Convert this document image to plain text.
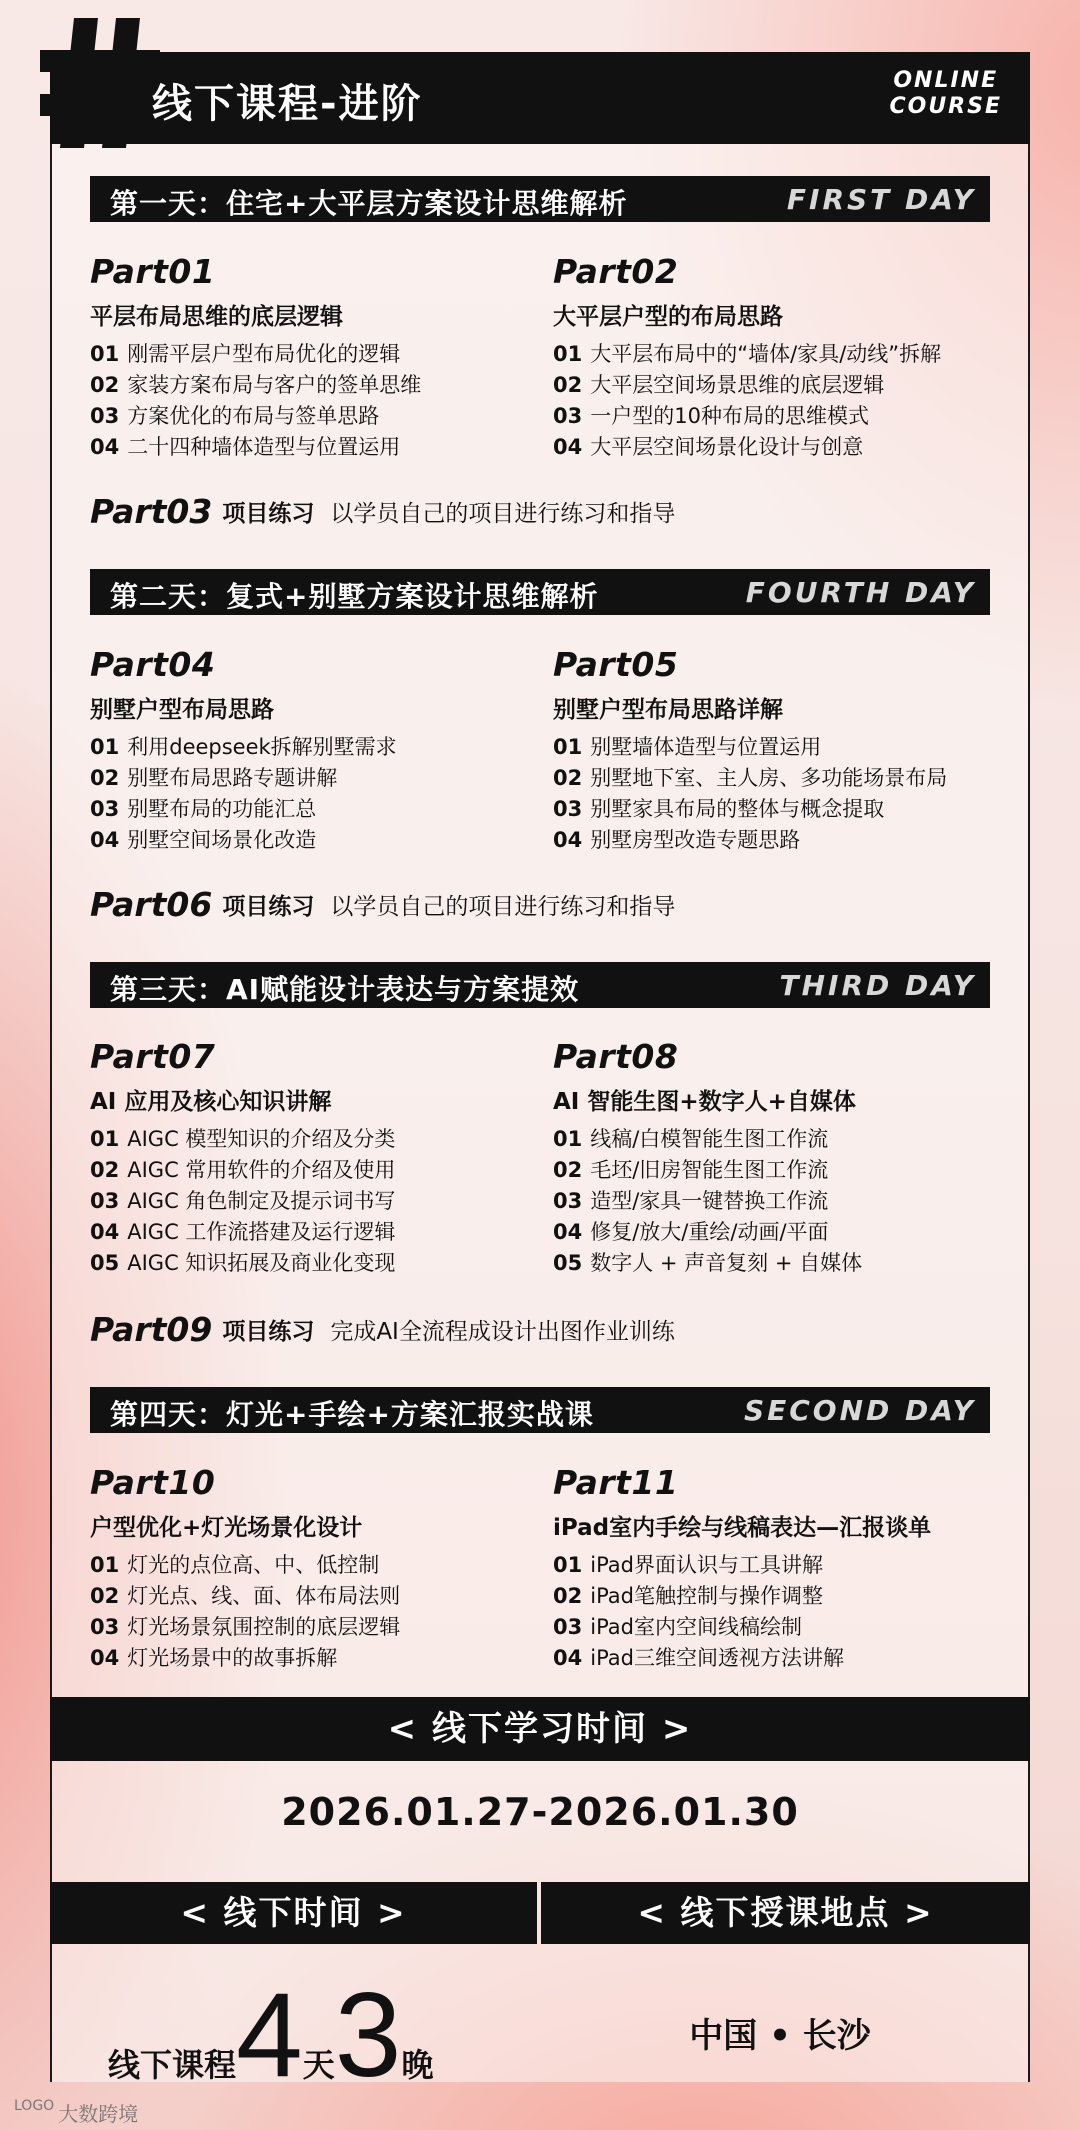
线下课程-进阶
ONLINE
COURSE
第一天：住宅+大平层方案设计思维解析	FIRST DAY
Part01
平层布局思维的底层逻辑
01 刚需平层户型布局优化的逻辑
02 家装方案布局与客户的签单思维
03 方案优化的布局与签单思路
04 二十四种墙体造型与位置运用
Part02
大平层户型的布局思路
01 大平层布局中的“墙体/家具/动线”拆解
02 大平层空间场景思维的底层逻辑
03 一户型的10种布局的思维模式
04 大平层空间场景化设计与创意
Part03 项目练习 以学员自己的项目进行练习和指导
第二天：复式+别墅方案设计思维解析	FOURTH DAY
Part04
别墅户型布局思路
01 利用deepseek拆解别墅需求
02 别墅布局思路专题讲解
03 别墅布局的功能汇总
04 别墅空间场景化改造
Part05
别墅户型布局思路详解
01 别墅墙体造型与位置运用
02 别墅地下室、主人房、多功能场景布局
03 别墅家具布局的整体与概念提取
04 别墅房型改造专题思路
Part06 项目练习 以学员自己的项目进行练习和指导
第三天：AI赋能设计表达与方案提效	THIRD DAY
Part07
AI 应用及核心知识讲解
01 AIGC 模型知识的介绍及分类
02 AIGC 常用软件的介绍及使用
03 AIGC 角色制定及提示词书写
04 AIGC 工作流搭建及运行逻辑
05 AIGC 知识拓展及商业化变现
Part08
AI 智能生图+数字人+自媒体
01 线稿/白模智能生图工作流
02 毛坯/旧房智能生图工作流
03 造型/家具一键替换工作流
04 修复/放大/重绘/动画/平面
05 数字人 + 声音复刻 + 自媒体
Part09 项目练习 完成AI全流程成设计出图作业训练
第四天：灯光+手绘+方案汇报实战课	SECOND DAY
Part10
户型优化+灯光场景化设计
01 灯光的点位高、中、低控制
02 灯光点、线、面、体布局法则
03 灯光场景氛围控制的底层逻辑
04 灯光场景中的故事拆解
Part11
iPad室内手绘与线稿表达—汇报谈单
01 iPad界面认识与工具讲解
02 iPad笔触控制与操作调整
03 iPad室内空间线稿绘制
04 iPad三维空间透视方法讲解
< 线下学习时间 >
2026.01.27-2026.01.30
< 线下时间 >	< 线下授课地点 >
线下课程4天3晚
中国 • 长沙
$^{LOGO}$ 大数跨境
